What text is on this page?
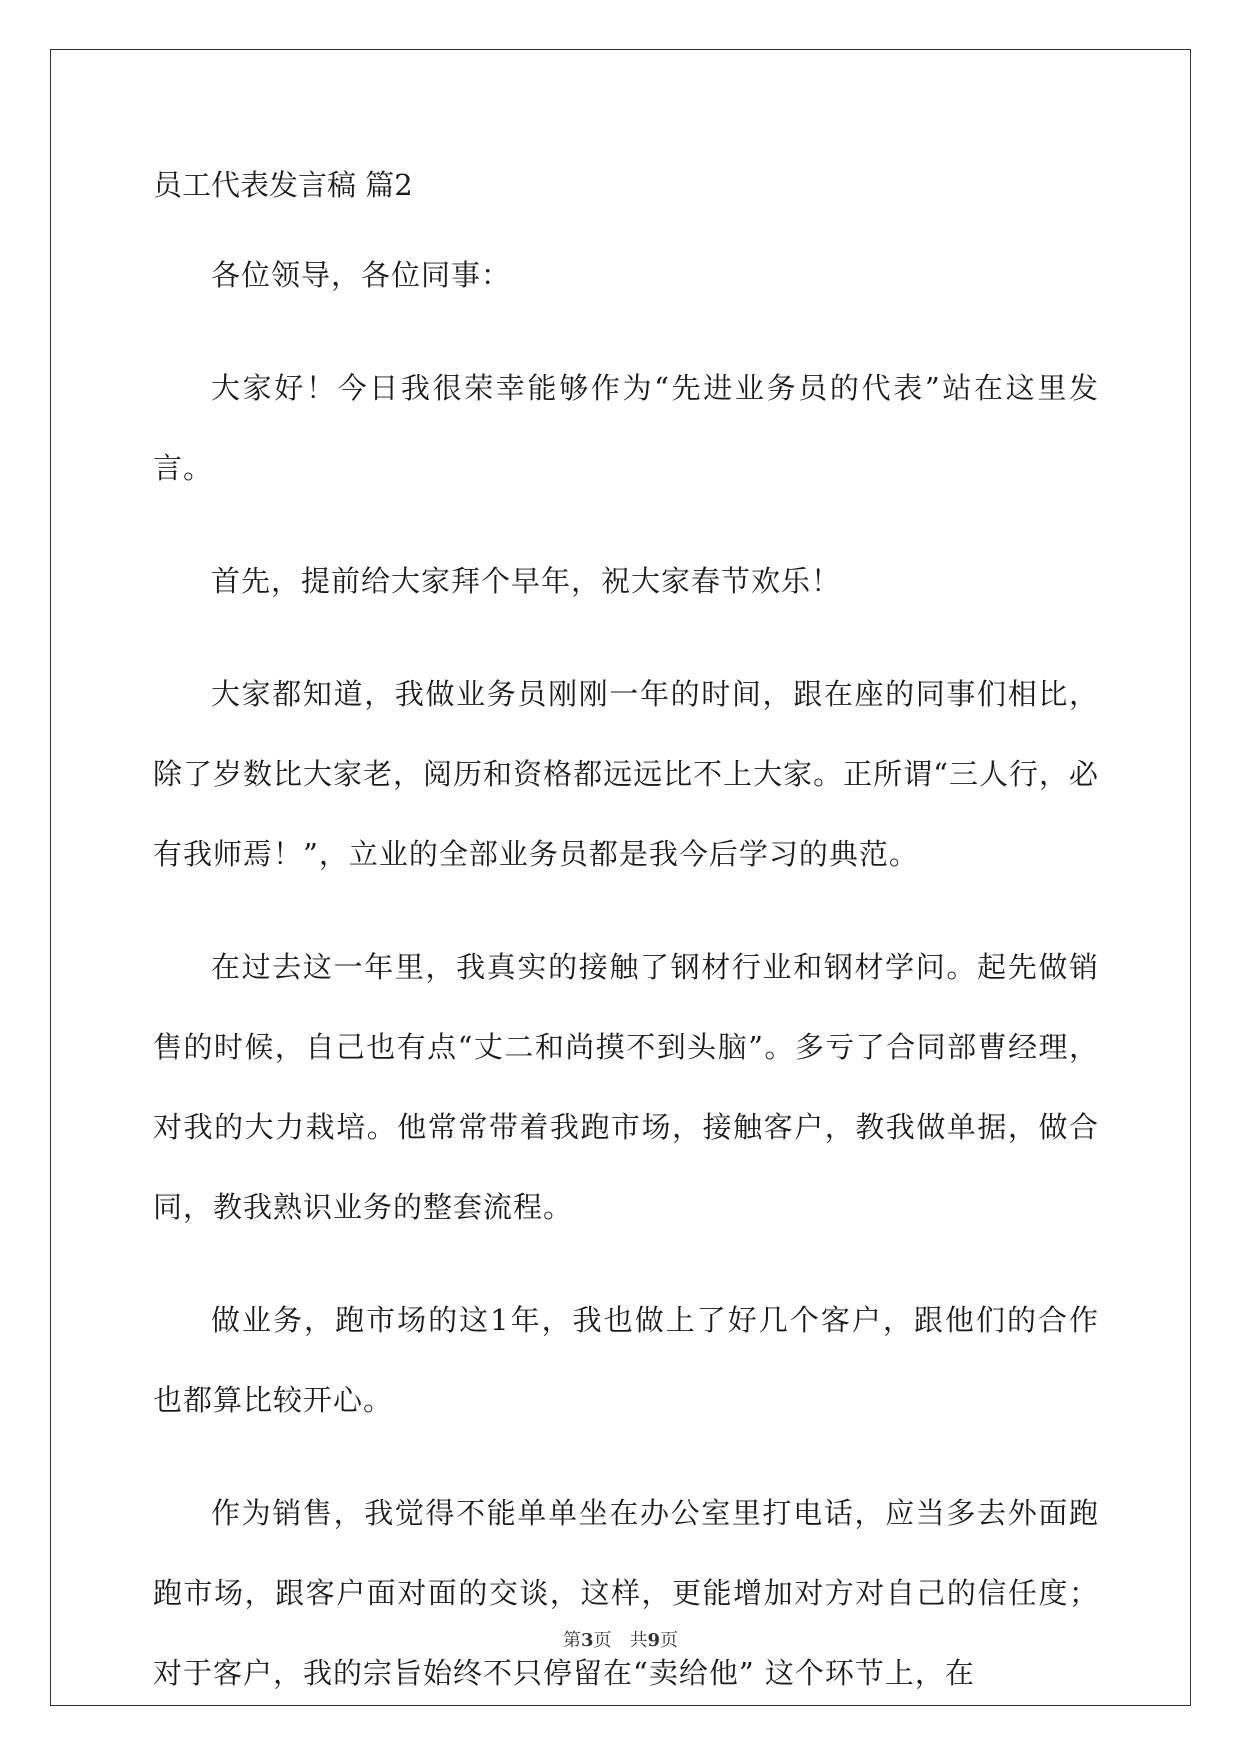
员工代表发言稿 篇2

各位领导，各位同事：

大家好！今日我很荣幸能够作为“先进业务员的代表”站在这里发言。

首先，提前给大家拜个早年，祝大家春节欢乐！

大家都知道，我做业务员刚刚一年的时间，跟在座的同事们相比，除了岁数比大家老，阅历和资格都远远比不上大家。正所谓“三人行，必有我师焉！”，立业的全部业务员都是我今后学习的典范。

在过去这一年里，我真实的接触了钢材行业和钢材学问。起先做销售的时候，自己也有点“丈二和尚摸不到头脑”。多亏了合同部曹经理，对我的大力栽培。他常常带着我跑市场，接触客户，教我做单据，做合同，教我熟识业务的整套流程。

做业务，跑市场的这1年，我也做上了好几个客户，跟他们的合作也都算比较开心。

作为销售，我觉得不能单单坐在办公室里打电话，应当多去外面跑跑市场，跟客户面对面的交谈，这样，更能增加对方对自己的信任度；对于客户，我的宗旨始终不只停留在“卖给他” 这个环节上，在

第3页 共9页
